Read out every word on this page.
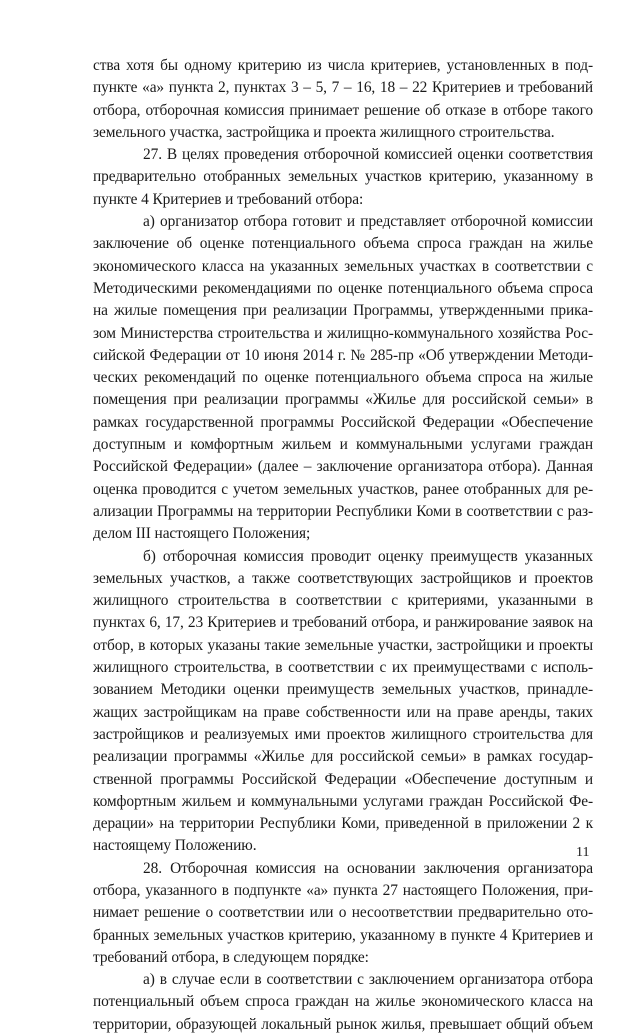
ства хотя бы одному критерию из числа критериев, установленных в под-
пункте «а» пункта 2, пунктах 3 – 5, 7 – 16, 18 – 22 Критериев и требований
отбора, отборочная комиссия принимает решение об отказе в отборе такого
земельного участка, застройщика и проекта жилищного строительства.
27. В целях проведения отборочной комиссией оценки соответствия
предварительно отобранных земельных участков критерию, указанному в
пункте 4 Критериев и требований отбора:
а) организатор отбора готовит и представляет отборочной комиссии
заключение об оценке потенциального объема спроса граждан на жилье
экономического класса на указанных земельных участках в соответствии с
Методическими рекомендациями по оценке потенциального объема спроса
на жилые помещения при реализации Программы, утвержденными прика-
зом Министерства строительства и жилищно-коммунального хозяйства Рос-
сийской Федерации от 10 июня 2014 г. № 285-пр «Об утверждении Методи-
ческих рекомендаций по оценке потенциального объема спроса на жилые
помещения при реализации программы «Жилье для российской семьи» в
рамках государственной программы Российской Федерации «Обеспечение
доступным и комфортным жильем и коммунальными услугами граждан
Российской Федерации» (далее – заключение организатора отбора). Данная
оценка проводится с учетом земельных участков, ранее отобранных для ре-
ализации Программы на территории Республики Коми в соответствии с раз-
делом III настоящего Положения;
б) отборочная комиссия проводит оценку преимуществ указанных
земельных участков, а также соответствующих застройщиков и проектов
жилищного строительства в соответствии с критериями, указанными в
пунктах 6, 17, 23 Критериев и требований отбора, и ранжирование заявок на
отбор, в которых указаны такие земельные участки, застройщики и проекты
жилищного строительства, в соответствии с их преимуществами с исполь-
зованием Методики оценки преимуществ земельных участков, принадле-
жащих застройщикам на праве собственности или на праве аренды, таких
застройщиков и реализуемых ими проектов жилищного строительства для
реализации программы «Жилье для российской семьи» в рамках государ-
ственной программы Российской Федерации «Обеспечение доступным и
комфортным жильем и коммунальными услугами граждан Российской Фе-
дерации» на территории Республики Коми, приведенной в приложении 2 к
настоящему Положению.
28. Отборочная комиссия на основании заключения организатора
отбора, указанного в подпункте «а» пункта 27 настоящего Положения, при-
нимает решение о соответствии или о несоответствии предварительно ото-
бранных земельных участков критерию, указанному в пункте 4 Критериев и
требований отбора, в следующем порядке:
а) в случае если в соответствии с заключением организатора отбора
потенциальный объем спроса граждан на жилье экономического класса на
территории, образующей локальный рынок жилья, превышает общий объем
11
